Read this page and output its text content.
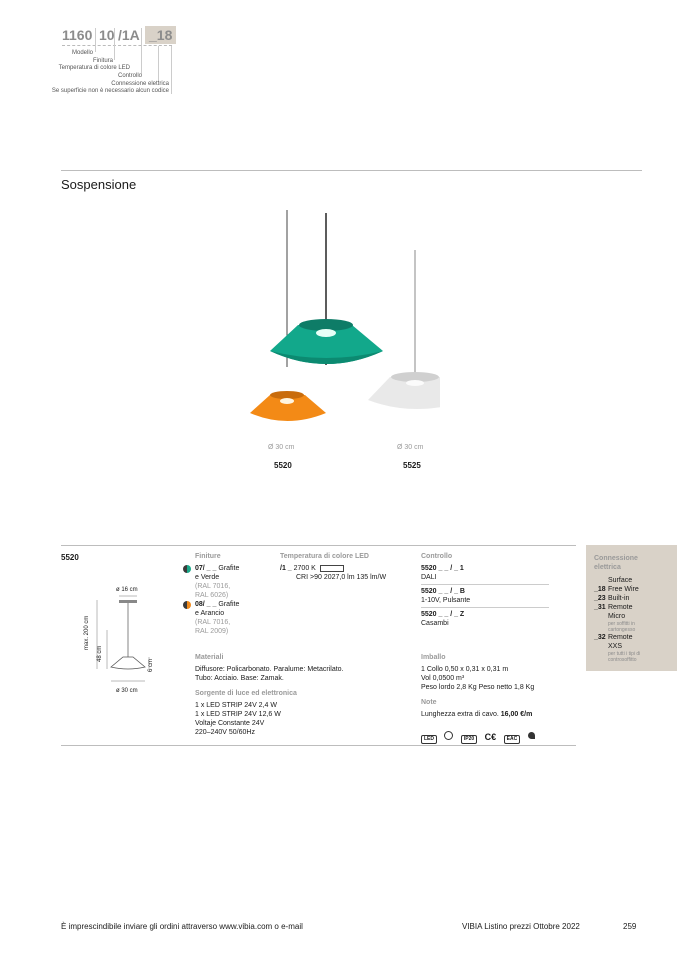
1160 10 /1A _18
Modello
Finitura
Temperatura di colore LED
Controllo
Connessione elettrica
Se superficie non è necessario alcun codice
Sospensione
Ø 30 cm
5520
Ø 30 cm
5525
5520
ø 16 cm
max. 200 cm
48 cm
6 cm
ø 30 cm
Finiture
07/ _ _ Grafite
e Verde
(RAL 7016,
RAL 6026)
08/ _ _ Grafite
e Arancio
(RAL 7016,
RAL 2009)
Temperatura di colore LED
/1 _ 2700 K
CRI >90 2027,0 lm 135 lm/W
Materiali
Diffusore: Policarbonato. Paralume: Metacrilato.
Tubo: Acciaio. Base: Zamak.
Sorgente di luce ed elettronica
1 x LED STRIP 24V 2,4 W
1 x LED STRIP 24V 12,6 W
Voltaje Constante 24V
220–240V 50/60Hz
Controllo
5520 _ _ / _ 1
DALI
5520 _ _ / _ B
1-10V, Pulsante
5520 _ _ / _ Z
Casambi
Imballo
1 Collo 0,50 x 0,31 x 0,31 m
Vol 0,0500 m³
Peso lordo 2,8 Kg Peso netto 1,8 Kg
Note
Lunghezza extra di cavo. 16,00 €/m
LED	IP20 C€ EAC
Connessione
elettrica
Surface
_18 Free Wire
_23 Built-in
_31 Remote
Micro
per soffitti in cartongesso
_32 Remote
XXS
per tutti i tipi di controsoffitto
È imprescindibile inviare gli ordini attraverso www.vibia.com o e-mail	VIBIA Listino prezzi Ottobre 2022	259
